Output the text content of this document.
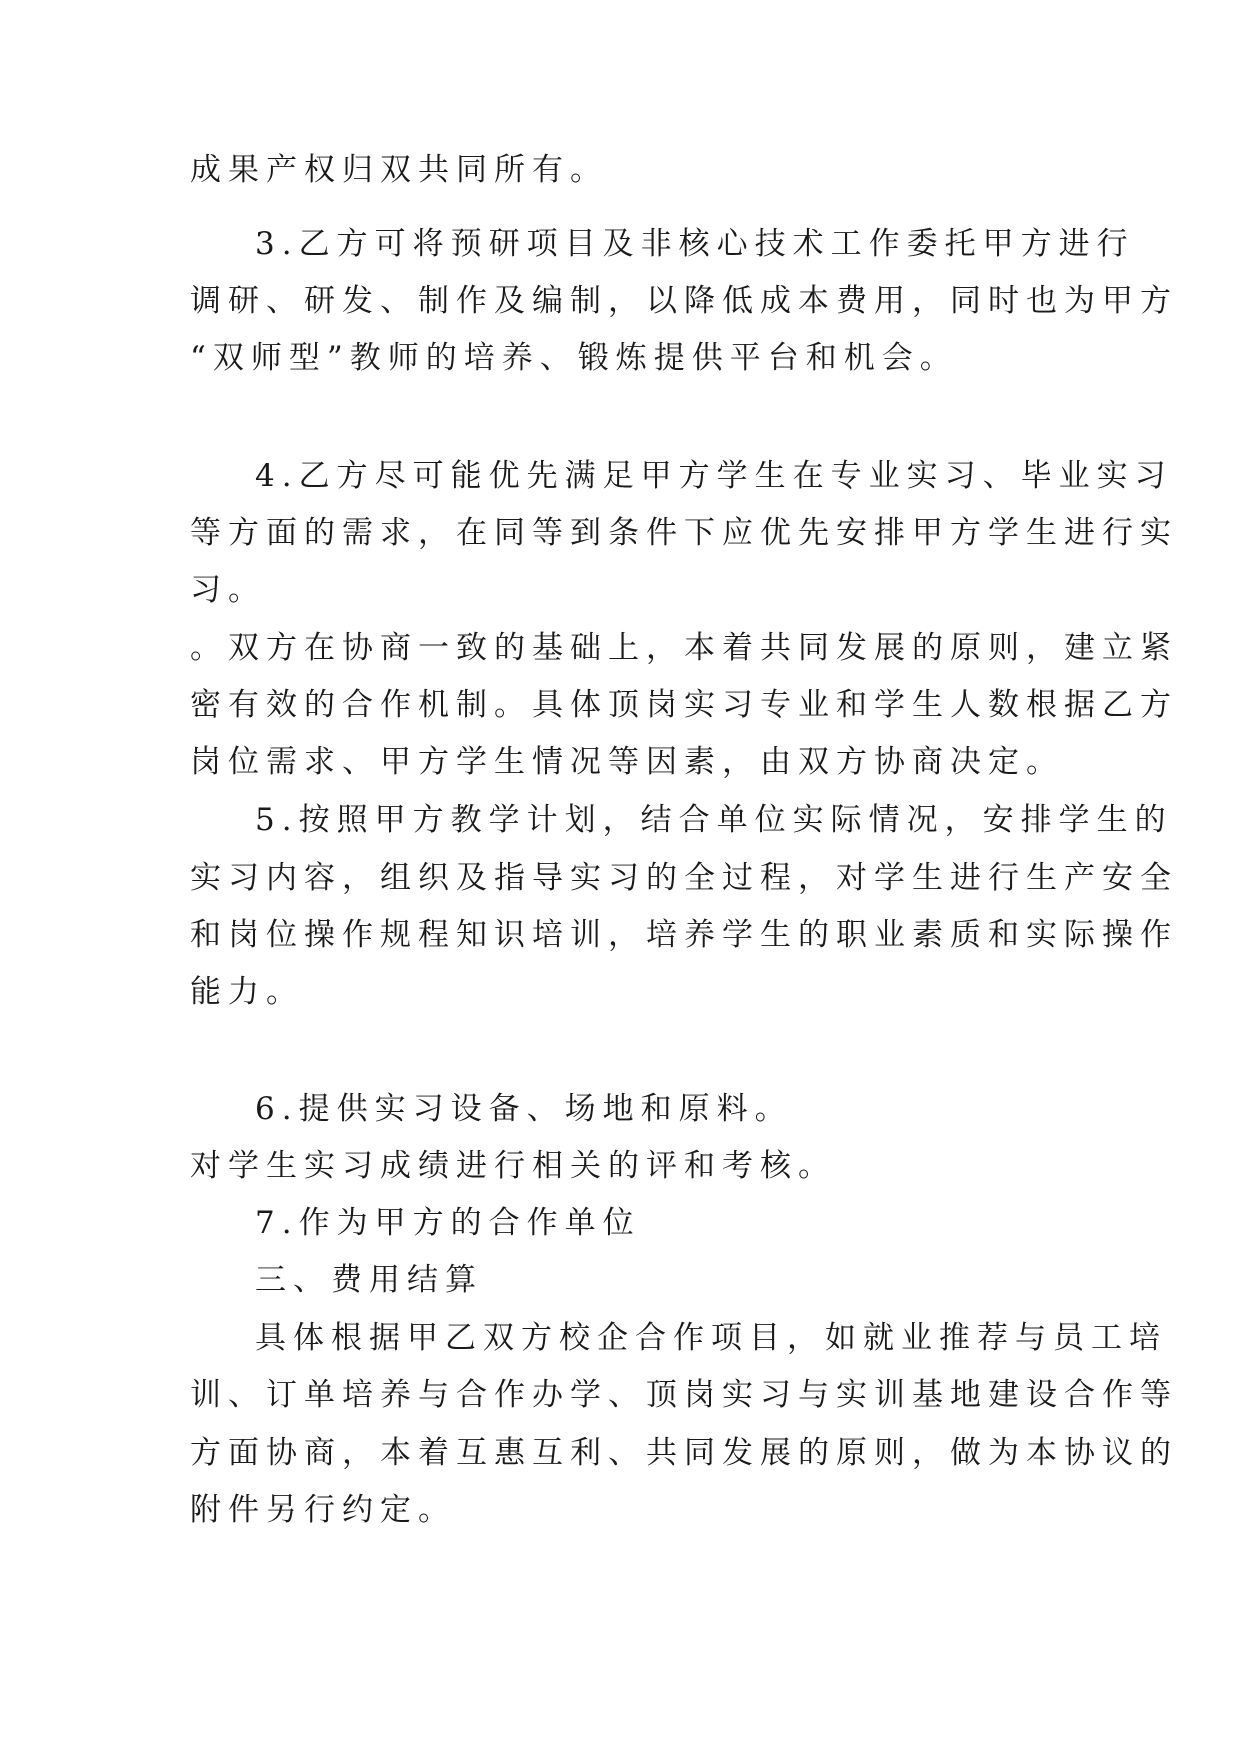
成果产权归双共同所有。
3.乙方可将预研项目及非核心技术工作委托甲方进行
调研、研发、制作及编制，以降低成本费用，同时也为甲方
“双师型”教师的培养、锻炼提供平台和机会。
4.乙方尽可能优先满足甲方学生在专业实习、毕业实习
等方面的需求，在同等到条件下应优先安排甲方学生进行实
习。
。双方在协商一致的基础上，本着共同发展的原则，建立紧
密有效的合作机制。具体顶岗实习专业和学生人数根据乙方
岗位需求、甲方学生情况等因素，由双方协商决定。
5.按照甲方教学计划，结合单位实际情况，安排学生的
实习内容，组织及指导实习的全过程，对学生进行生产安全
和岗位操作规程知识培训，培养学生的职业素质和实际操作
能力。
6.提供实习设备、场地和原料。
对学生实习成绩进行相关的评和考核。
7.作为甲方的合作单位
三、费用结算
具体根据甲乙双方校企合作项目，如就业推荐与员工培
训、订单培养与合作办学、顶岗实习与实训基地建设合作等
方面协商，本着互惠互利、共同发展的原则，做为本协议的
附件另行约定。
